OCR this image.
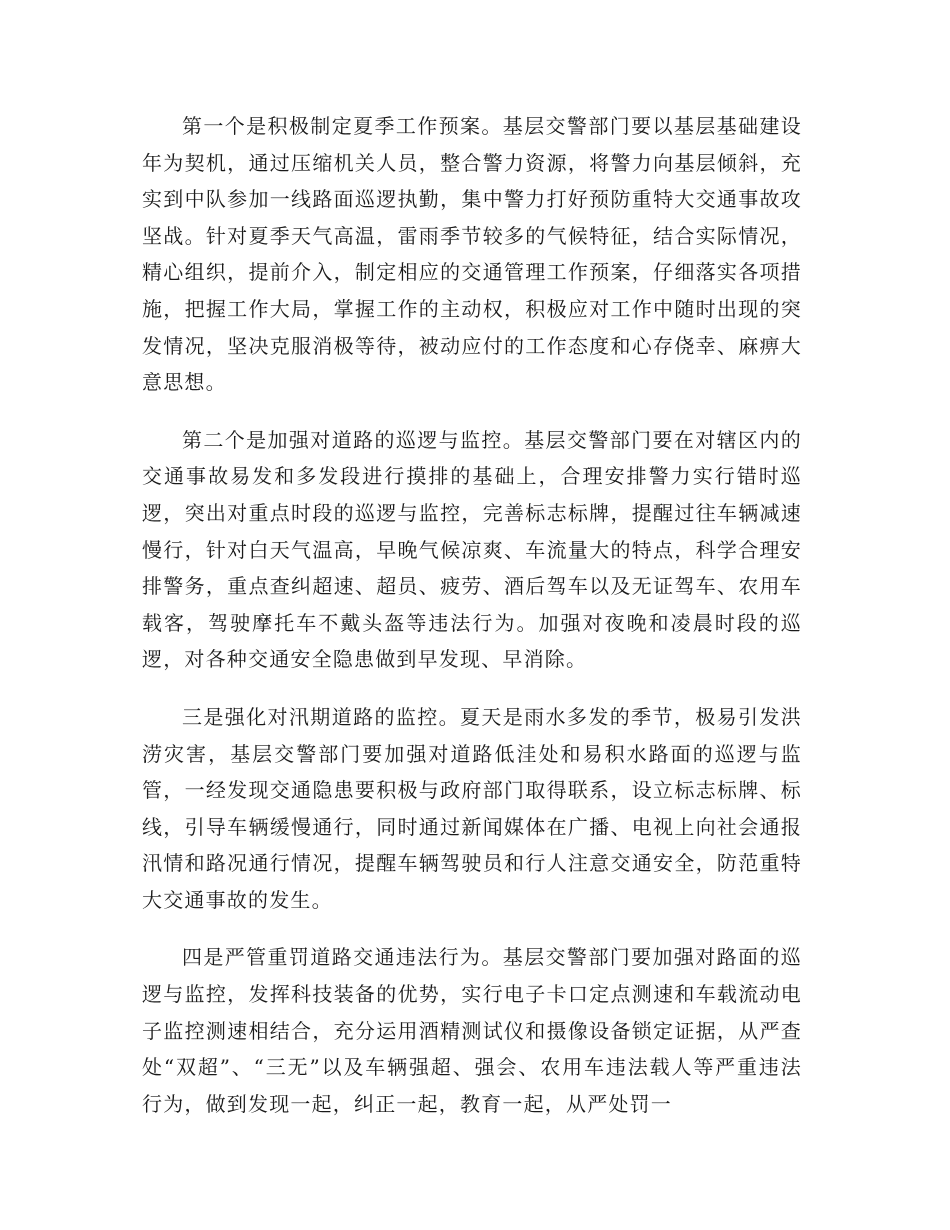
第一个是积极制定夏季工作预案。基层交警部门要以基层基础建设年为契机，通过压缩机关人员，整合警力资源，将警力向基层倾斜，充实到中队参加一线路面巡逻执勤，集中警力打好预防重特大交通事故攻坚战。针对夏季天气高温，雷雨季节较多的气候特征，结合实际情况，精心组织，提前介入，制定相应的交通管理工作预案，仔细落实各项措施，把握工作大局，掌握工作的主动权，积极应对工作中随时出现的突发情况，坚决克服消极等待，被动应付的工作态度和心存侥幸、麻痹大意思想。

第二个是加强对道路的巡逻与监控。基层交警部门要在对辖区内的交通事故易发和多发段进行摸排的基础上，合理安排警力实行错时巡逻，突出对重点时段的巡逻与监控，完善标志标牌，提醒过往车辆减速慢行，针对白天气温高，早晚气候凉爽、车流量大的特点，科学合理安排警务，重点查纠超速、超员、疲劳、酒后驾车以及无证驾车、农用车载客，驾驶摩托车不戴头盔等违法行为。加强对夜晚和凌晨时段的巡逻，对各种交通安全隐患做到早发现、早消除。

三是强化对汛期道路的监控。夏天是雨水多发的季节，极易引发洪涝灾害，基层交警部门要加强对道路低洼处和易积水路面的巡逻与监管，一经发现交通隐患要积极与政府部门取得联系，设立标志标牌、标线，引导车辆缓慢通行，同时通过新闻媒体在广播、电视上向社会通报汛情和路况通行情况，提醒车辆驾驶员和行人注意交通安全，防范重特大交通事故的发生。

四是严管重罚道路交通违法行为。基层交警部门要加强对路面的巡逻与监控，发挥科技装备的优势，实行电子卡口定点测速和车载流动电子监控测速相结合，充分运用酒精测试仪和摄像设备锁定证据，从严查处“双超”、“三无”以及车辆强超、强会、农用车违法载人等严重违法行为，做到发现一起，纠正一起，教育一起，从严处罚一
